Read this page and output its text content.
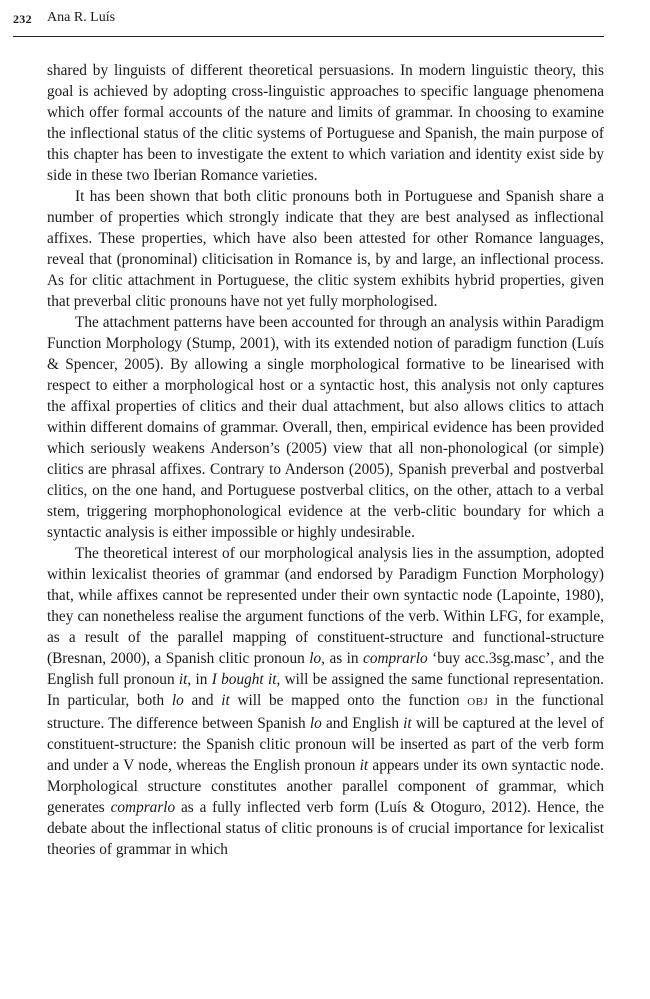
232 Ana R. Luís

shared by linguists of different theoretical persuasions. In modern linguistic theory, this goal is achieved by adopting cross-linguistic approaches to specific language phenomena which offer formal accounts of the nature and limits of grammar. In choosing to examine the inflectional status of the clitic systems of Portuguese and Spanish, the main purpose of this chapter has been to investigate the extent to which variation and identity exist side by side in these two Iberian Romance varieties.

It has been shown that both clitic pronouns both in Portuguese and Spanish share a number of properties which strongly indicate that they are best analysed as inflectional affixes. These properties, which have also been attested for other Romance languages, reveal that (pronominal) cliticisation in Romance is, by and large, an inflectional process. As for clitic attachment in Portuguese, the clitic system exhibits hybrid properties, given that preverbal clitic pronouns have not yet fully morphologised.

The attachment patterns have been accounted for through an analysis within Paradigm Function Morphology (Stump, 2001), with its extended notion of paradigm function (Luís & Spencer, 2005). By allowing a single morphological formative to be linearised with respect to either a morphological host or a syntactic host, this analysis not only captures the affixal properties of clitics and their dual attachment, but also allows clitics to attach within different domains of grammar. Overall, then, empirical evidence has been provided which seriously weakens Anderson’s (2005) view that all non-phonological (or simple) clitics are phrasal affixes. Contrary to Anderson (2005), Spanish preverbal and postverbal clitics, on the one hand, and Portuguese postverbal clitics, on the other, attach to a verbal stem, triggering morphophonological evidence at the verb-clitic boundary for which a syntactic analysis is either impossible or highly undesirable.

The theoretical interest of our morphological analysis lies in the assumption, adopted within lexicalist theories of grammar (and endorsed by Paradigm Function Morphology) that, while affixes cannot be represented under their own syntactic node (Lapointe, 1980), they can nonetheless realise the argument functions of the verb. Within LFG, for example, as a result of the parallel mapping of constituent-structure and functional-structure (Bresnan, 2000), a Spanish clitic pronoun lo, as in comprarlo ‘buy acc.3sg.masc’, and the English full pronoun it, in I bought it, will be assigned the same functional representation. In particular, both lo and it will be mapped onto the function OBJ in the functional structure. The difference between Spanish lo and English it will be captured at the level of constituent-structure: the Spanish clitic pronoun will be inserted as part of the verb form and under a V node, whereas the English pronoun it appears under its own syntactic node. Morphological structure constitutes another parallel component of grammar, which generates comprarlo as a fully inflected verb form (Luís & Otoguro, 2012). Hence, the debate about the inflectional status of clitic pronouns is of crucial importance for lexicalist theories of grammar in which
